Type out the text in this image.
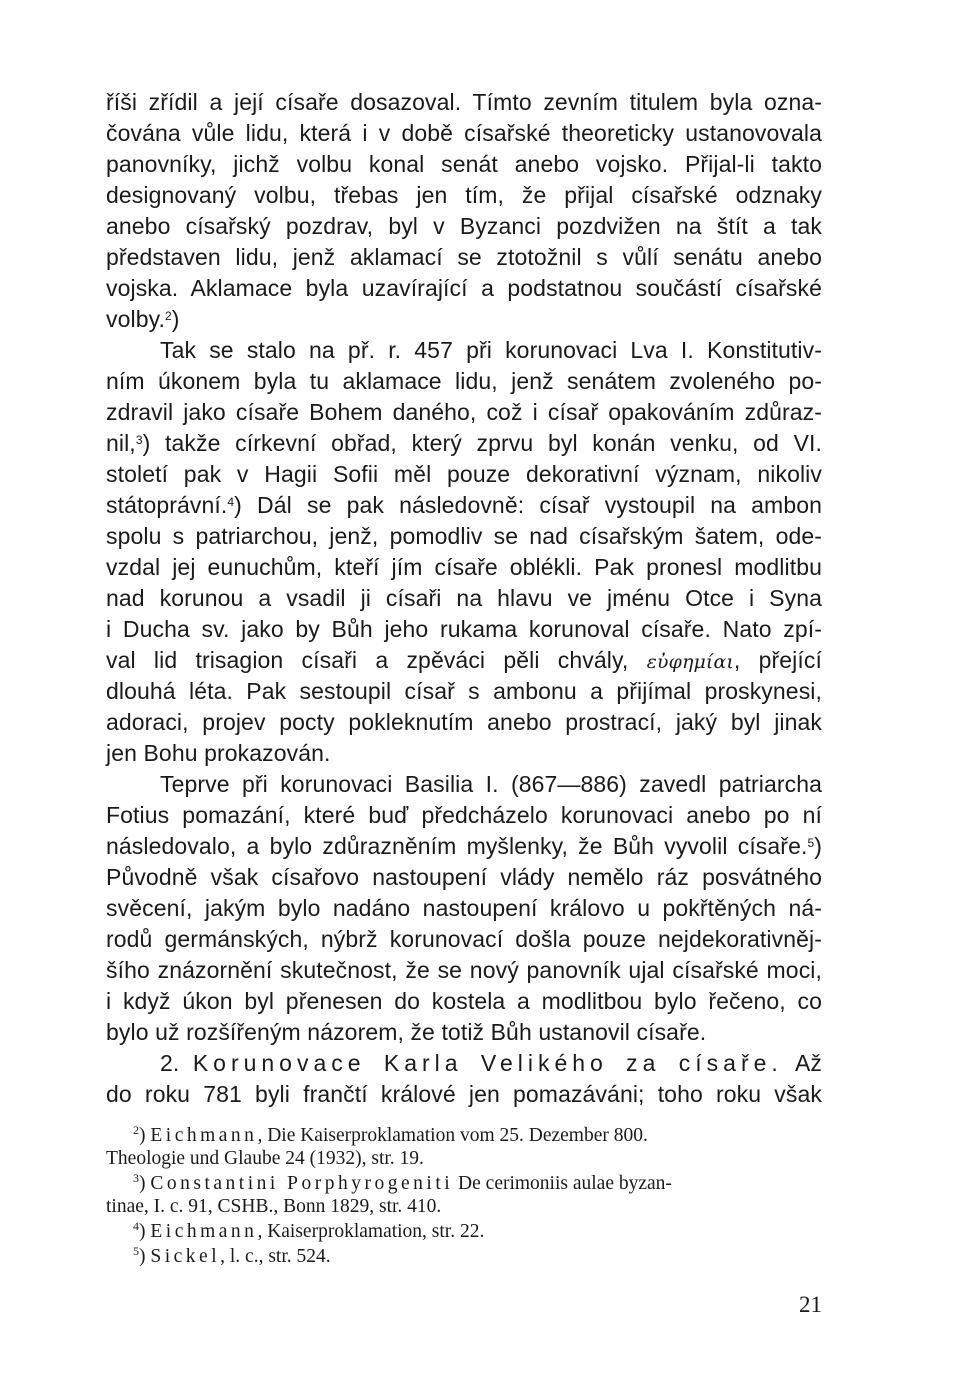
říši zřídil a její císaře dosazoval. Tímto zevním titulem byla ozna-
čována vůle lidu, která i v době císařské theoreticky ustanovovala
panovníky, jichž volbu konal senát anebo vojsko. Přijal-li takto
designovaný volbu, třebas jen tím, že přijal císařské odznaky
anebo císařský pozdrav, byl v Byzanci pozdvižen na štít a tak
představen lidu, jenž aklamací se ztotožnil s vůlí senátu anebo
vojska. Aklamace byla uzavírající a podstatnou součástí císařské
volby.$^2$)
Tak se stalo na př. r. 457 při korunovaci Lva I. Konstitutiv-
ním úkonem byla tu aklamace lidu, jenž senátem zvoleného po-
zdravil jako císaře Bohem daného, což i císař opakováním zdůraz-
nil,$^3$) takže církevní obřad, který zprvu byl konán venku, od VI.
století pak v Hagii Sofii měl pouze dekorativní význam, nikoliv
státoprávní.$^4$) Dál se pak následovně: císař vystoupil na ambon
spolu s patriarchou, jenž, pomodliv se nad císařským šatem, ode-
vzdal jej eunuchům, kteří jím císaře oblékli. Pak pronesl modlitbu
nad korunou a vsadil ji císaři na hlavu ve jménu Otce i Syna
i Ducha sv. jako by Bůh jeho rukama korunoval císaře. Nato zpí-
val lid trisagion císaři a zpěváci pěli chvály, εὐφημίαι, přející
dlouhá léta. Pak sestoupil císař s ambonu a přijímal proskynesi,
adoraci, projev pocty pokleknutím anebo prostrací, jaký byl jinak
jen Bohu prokazován.
Teprve při korunovaci Basilia I. (867—886) zavedl patriarcha
Fotius pomazání, které buď předcházelo korunovaci anebo po ní
následovalo, a bylo zdůrazněním myšlenky, že Bůh vyvolil císaře.$^5$)
Původně však císařovo nastoupení vlády nemělo ráz posvátného
svěcení, jakým bylo nadáno nastoupení královo u pokřtěných ná-
rodů germánských, nýbrž korunovací došla pouze nejdekorativněj-
šího znázornění skutečnost, že se nový panovník ujal císařské moci,
i když úkon byl přenesen do kostela a modlitbou bylo řečeno, co
bylo už rozšířeným názorem, že totiž Bůh ustanovil císaře.
2. Korunovace Karla Velikého za císaře. Až
do roku 781 byli frančtí králové jen pomazáváni; toho roku však
$^2$) Eichmann, Die Kaiserproklamation vom 25. Dezember 800.
Theologie und Glaube 24 (1932), str. 19.
$^3$) Constantini Porphyrogeniti De cerimoniis aulae byzan-
tinae, I. c. 91, CSHB., Bonn 1829, str. 410.
$^4$) Eichmann, Kaiserproklamation, str. 22.
$^5$) Sickel, l. c., str. 524.
21
